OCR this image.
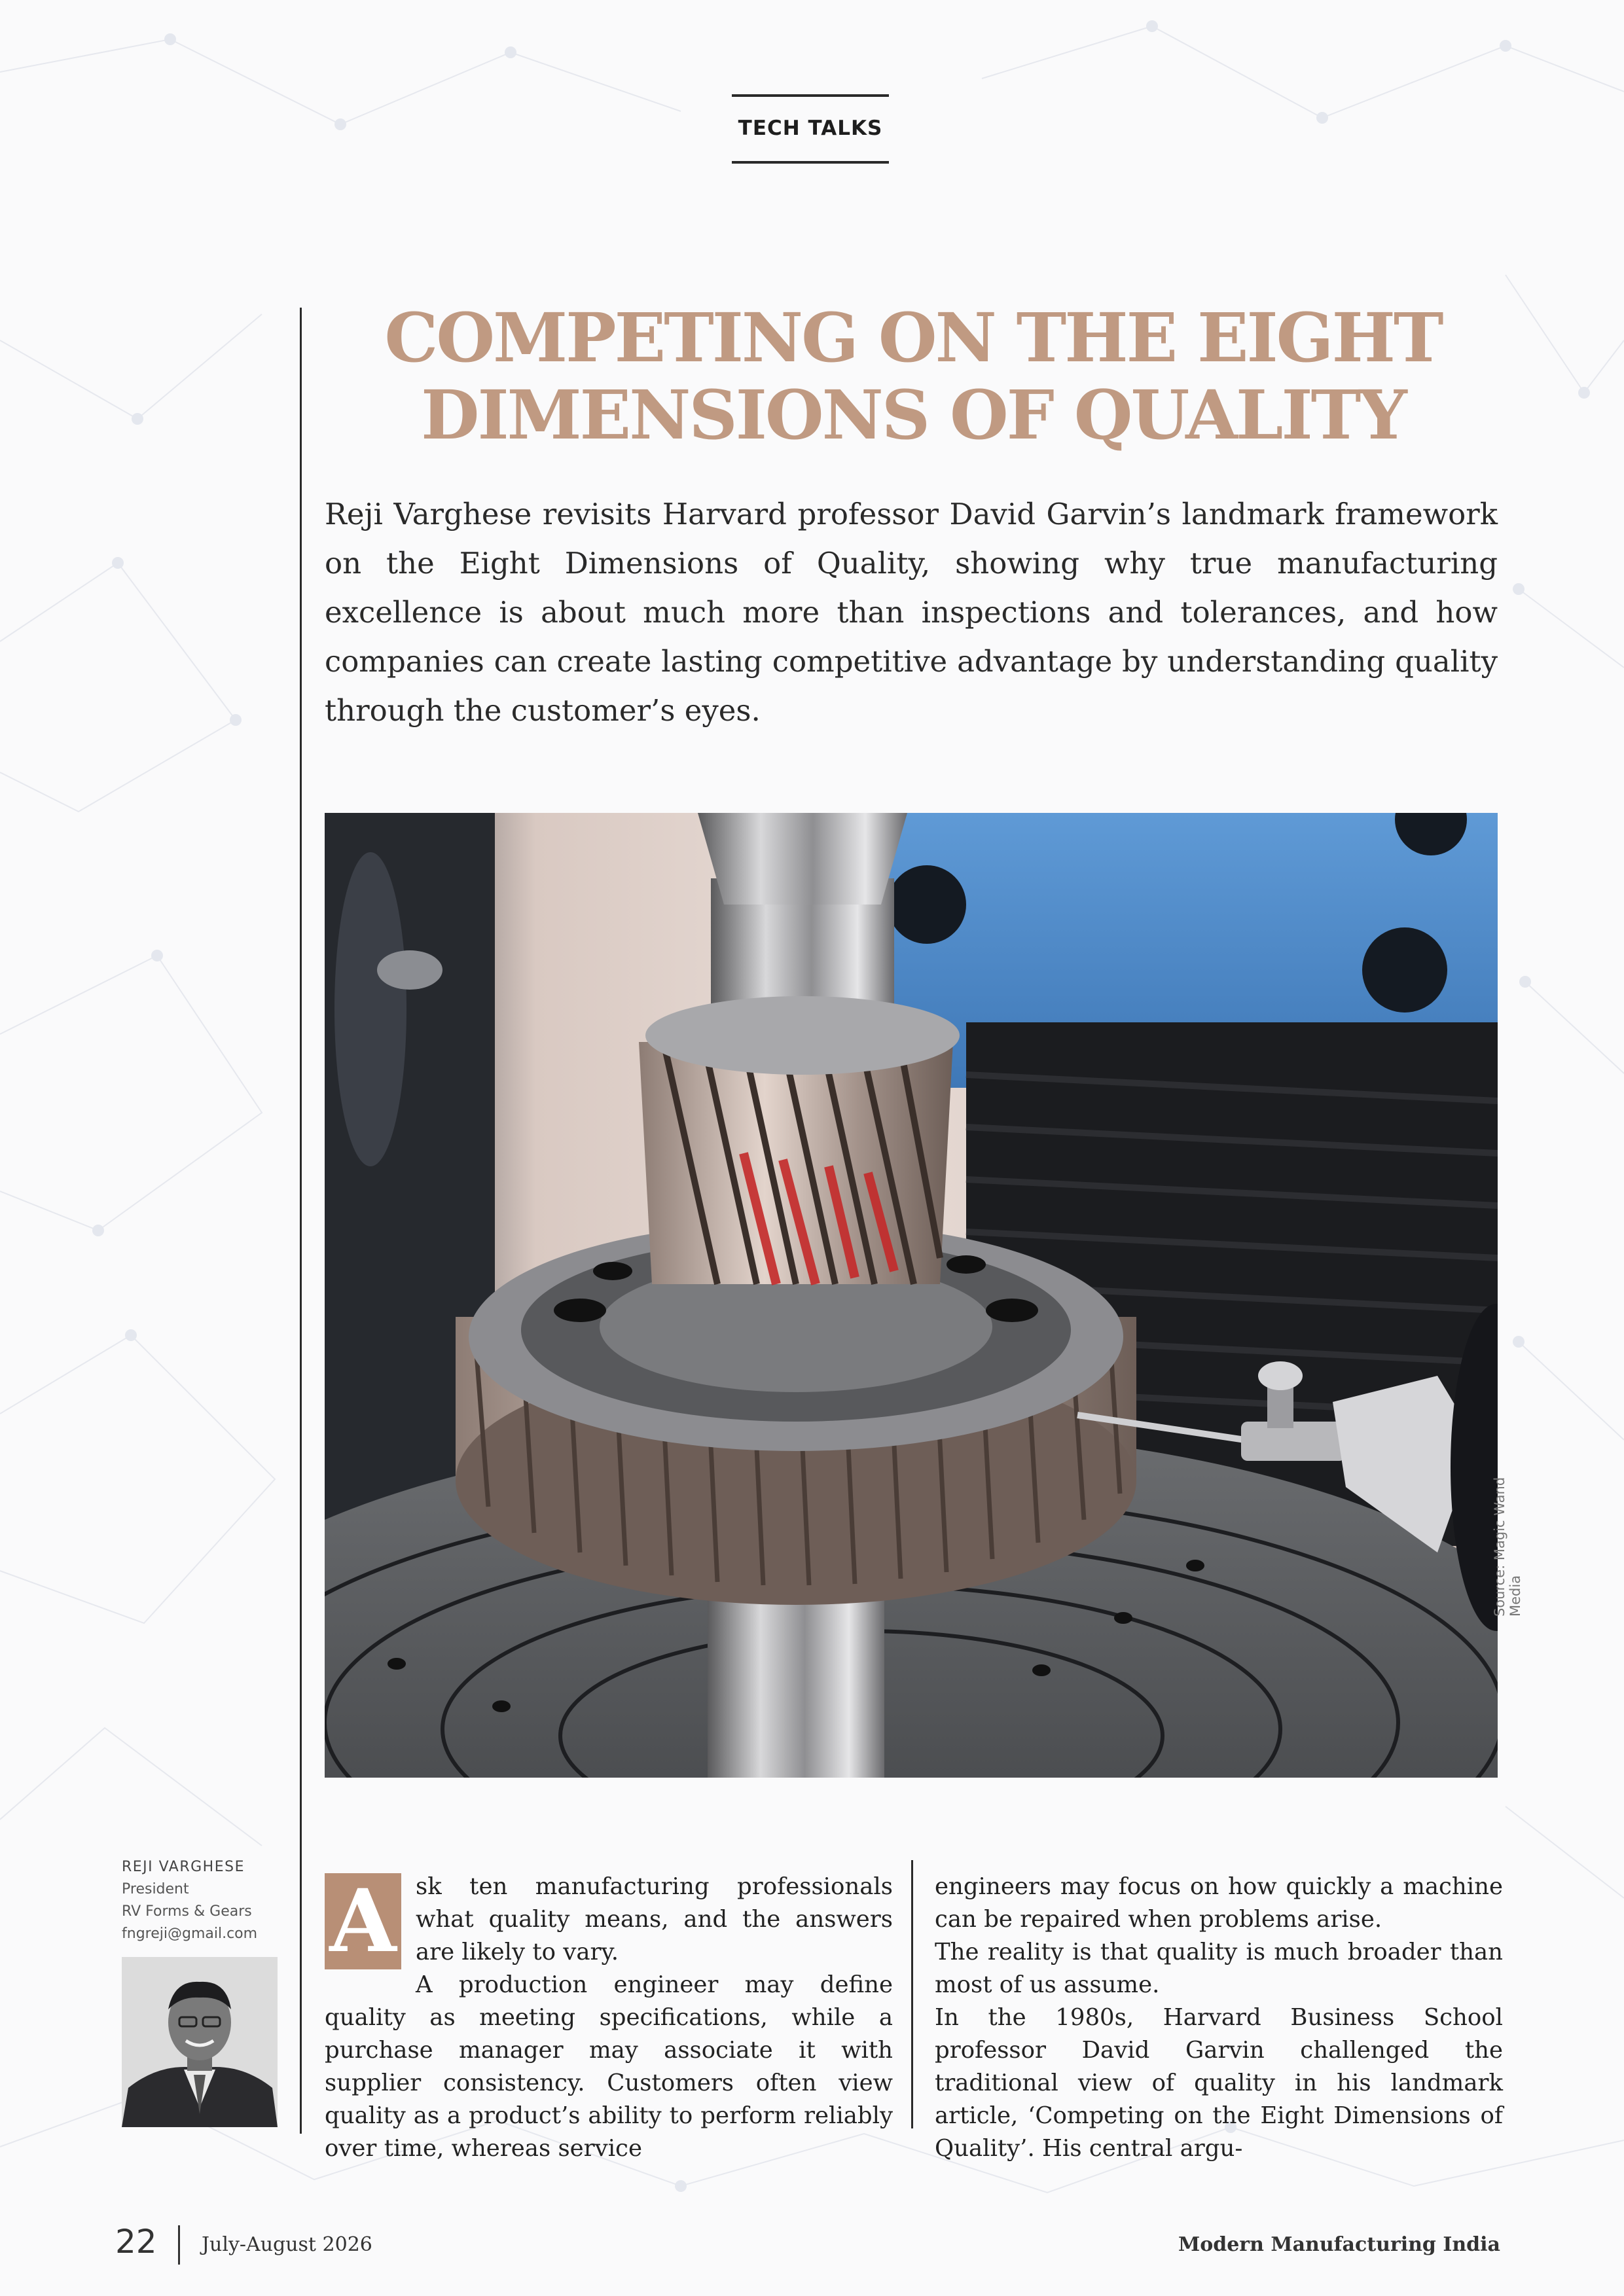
TECH TALKS
COMPETING ON THE EIGHT
DIMENSIONS OF QUALITY
Reji Varghese revisits Harvard professor David Garvin’s landmark framework on the Eight Dimensions of Quality, showing why true manufacturing excellence is about much more than inspections and tolerances, and how companies can create lasting competitive advantage by understanding quality through the customer’s eyes.
Source: Magic Wand Media
REJI VARGHESE
President
RV Forms & Gears
fngreji@gmail.com A sk ten manufacturing professionals what quality means, and the answers are likely to vary.

A production engineer may define quality as meeting specifications, while a purchase manager may associate it with supplier consistency. Customers often view quality as a product’s ability to perform reliably over time, whereas service

engineers may focus on how quickly a machine can be repaired when problems arise.

The reality is that quality is much broader than most of us assume.

In the 1980s, Harvard Business School professor David Garvin challenged the traditional view of quality in his landmark article, ‘Competing on the Eight Dimensions of Quality’. His central argu-

22 July-August 2026	Modern Manufacturing India
